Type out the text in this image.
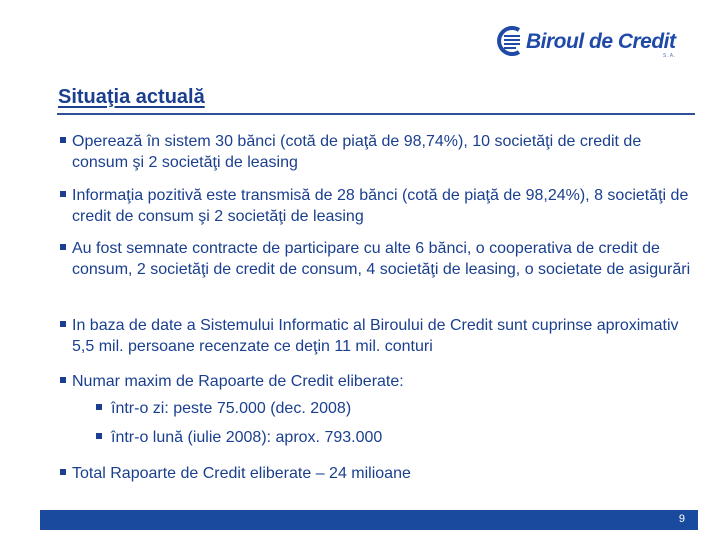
Biroul de Credit
S.A.
Situaţia actuală

Operează în sistem 30 bănci (cotă de piaţă de 98,74%), 10 societăţi de credit de consum şi 2 societăţi de leasing

Informaţia pozitivă este transmisă de 28 bănci (cotă de piaţă de 98,24%), 8 societăţi de credit de consum şi 2 societăţi de leasing

Au fost semnate contracte de participare cu alte 6 bănci, o cooperativa de credit de consum, 2 societăţi de credit de consum, 4 societăţi de leasing, o societate de asigurări

In baza de date a Sistemului Informatic al Biroului de Credit sunt cuprinse aproximativ 5,5 mil. persoane recenzate ce deţin 11 mil. conturi

Numar maxim de Rapoarte de Credit eliberate:

într-o zi: peste 75.000 (dec. 2008)

într-o lună (iulie 2008): aprox. 793.000

Total Rapoarte de Credit eliberate – 24 milioane

9
